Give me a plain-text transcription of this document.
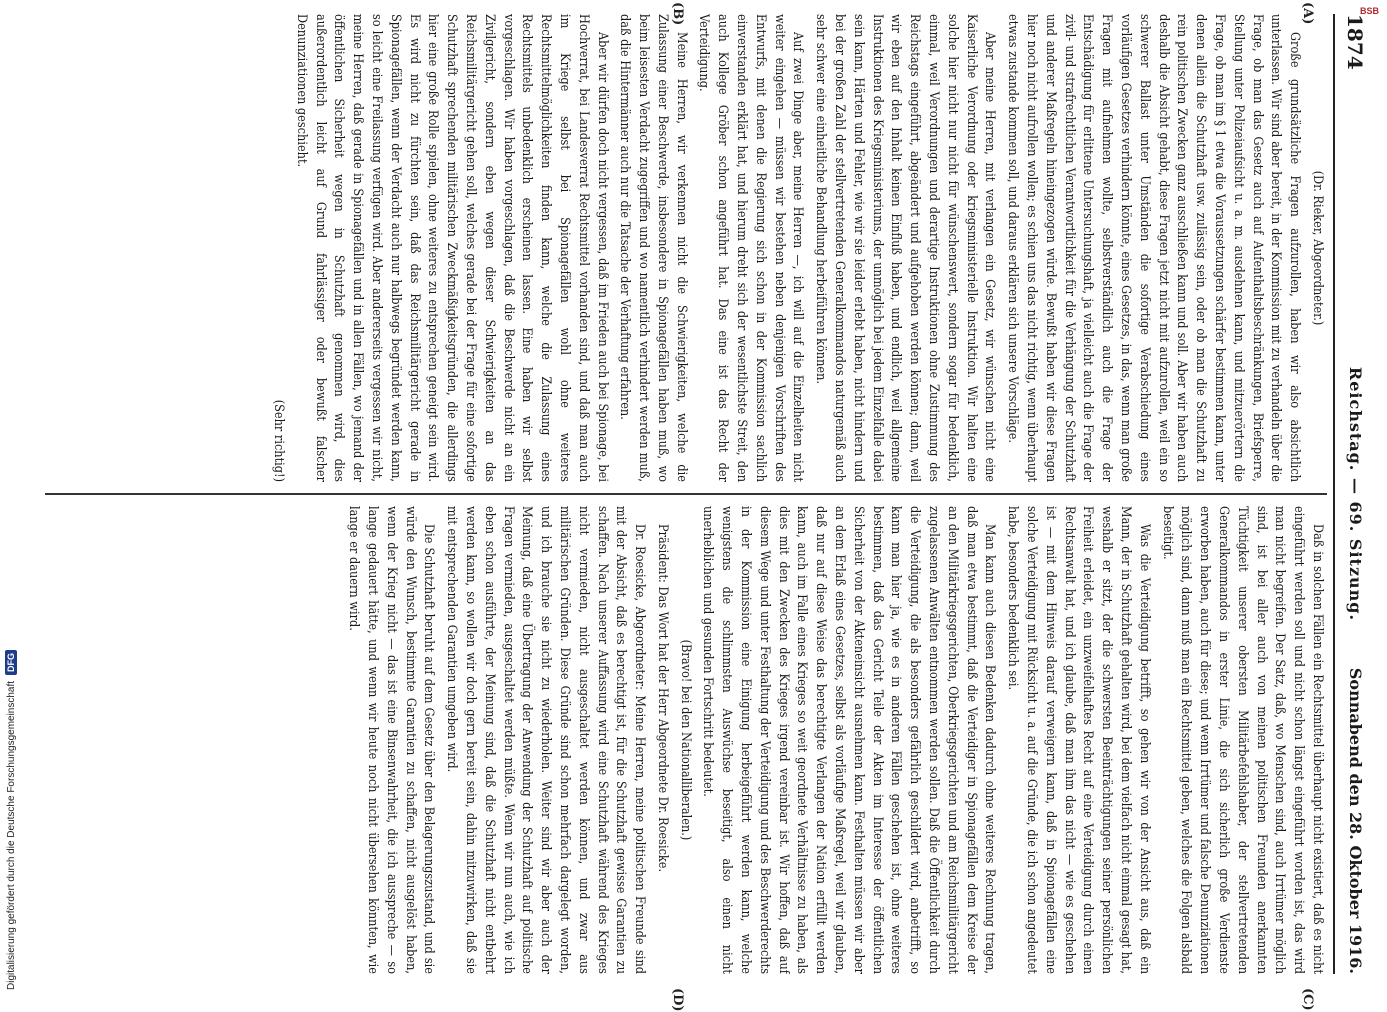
1874
Reichstag. — 69. Sitzung.
Sonnabend den 28. Oktober 1916.
(A)
(B)
(C)
(D)

(Dr. Rieker, Abgeordneter.)

Große grundsätzliche Fragen aufzurollen, haben wir also absichtlich unterlassen. Wir sind aber bereit, in der Kommission mit zu verhandeln über die Frage, ob man das Gesetz auch auf Aufenthaltsbeschränkungen, Briefsperre, Stellung unter Polizeiaufsicht u. a. m. ausdehnen kann, und mitzuerörtern die Frage, ob man im § 1 etwa die Voraussetzungen schärfer bestimmen kann, unter denen allein die Schutzhaft usw. zulässig sein, oder ob man die Schutzhaft zu rein politischen Zwecken ganz ausschließen kann und soll. Aber wir haben auch deshalb die Absicht gehabt, diese Fragen jetzt nicht mit aufzurollen, weil ein so schwerer Ballast unter Umständen die sofortige Verabschiedung eines vorläufigen Gesetzes verhindern könnte, eines Gesetzes, in das, wenn man große Fragen mit aufnehmen wollte, selbstverständlich auch die Frage der Entschädigung für erlittene Untersuchungshaft, ja vielleicht auch die Frage der zivil- und strafrechtlichen Verantwortlichkeit für die Verhängung der Schutzhaft und anderer Maßregeln hineingezogen würde. Bewußt haben wir diese Fragen hier noch nicht aufrollen wollen; es schien uns das nicht richtig, wenn überhaupt etwas zustande kommen soll, und daraus erklären sich unsere Vorschläge.

Aber meine Herren, mit verlangen ein Gesetz, wir wünschen nicht eine Kaiserliche Verordnung oder kriegsministerielle Instruktion. Wir halten eine solche hier nicht nur nicht für wünschenswert, sondern sogar für bedenklich, einmal, weil Verordnungen und derartige Instruktionen ohne Zustimmung des Reichstags eingeführt, abgeändert und aufgehoben werden können; dann, weil wir eben auf den Inhalt keinen Einfluß haben, und endlich, weil allgemeine Instruktionen des Kriegsministeriums, der unmöglich bei jedem Einzelfalle dabei sein kann, Härten und Fehler, wie wir sie leider erlebt haben, nicht hindern und bei der großen Zahl der stellvertretenden Generalkommandos naturgemäß auch sehr schwer eine einheitliche Behandlung herbeiführen können.

Auf zwei Dinge aber, meine Herren —, ich will auf die Einzelheiten nicht weiter eingehen — müssen wir bestehen neben denjenigen Vorschriften des Entwurfs, mit denen die Regierung sich schon in der Kommission sachlich einverstanden erklärt hat, und hierum dreht sich der wesentlichste Streit, den auch Kollege Gröber schon angeführt hat. Das eine ist das Recht der Verteidigung.

Meine Herren, wir verkennen nicht die Schwierigkeiten, welche die Zulassung einer Beschwerde, insbesondere in Spionagefällen haben muß, wo beim leisesten Verdacht zugegriffen und wo namentlich verhindert werden muß, daß die Hintermänner auch nur die Tatsache der Verhaftung erfahren.

Aber wir dürfen doch nicht vergessen, daß im Frieden auch bei Spionage, bei Hochverrat, bei Landesverrat Rechtsmittel vorhanden sind, und daß man auch im Kriege selbst bei Spionagefällen wohl ohne weiteres Rechtsmittelmöglichkeiten finden kann, welche die Zulassung eines Rechtsmittels unbedenklich erscheinen lassen. Eine haben wir selbst vorgeschlagen. Wir haben vorgeschlagen, daß die Beschwerde nicht an ein Zivilgericht, sondern eben wegen dieser Schwierigkeiten an das Reichsmilitärgericht gehen soll, welches gerade bei der Frage für eine sofortige Schutzhaft sprechenden militärischen Zweckmäßigkeitsgründen, die allerdings hier eine große Rolle spielen, ohne weiteres zu entsprechen geneigt sein wird. Es wird nicht zu fürchten sein, daß das Reichsmilitärgericht gerade in Spionagefällen, wenn der Verdacht auch nur halbwegs begründet werden kann, so leicht eine Freilassung verfügen wird. Aber andererseits vergessen wir nicht, meine Herren, daß gerade in Spionagefällen und in allen Fällen, wo jemand der öffentlichen Sicherheit wegen in Schutzhaft genommen wird, dies außerordentlich leicht auf Grund fahrlässiger oder bewußt falscher Denunziationen geschieht.

(Sehr richtig!)

Daß in solchen Fällen ein Rechtsmittel überhaupt nicht existiert, daß es nicht eingeführt werden soll und nicht schon längst eingeführt worden ist, das wird man nicht begreifen. Der Satz, daß, wo Menschen sind, auch Irrtümer möglich sind, ist bei aller auch von meinen politischen Freunden anerkannten Tüchtigkeit unserer obersten Militärbefehlshaber, der stellvertretenden Generalkommandos in erster Linie, die sich sicherlich große Verdienste erworben haben, auch für diese; und wenn Irrtümer und falsche Denunziationen möglich sind, dann muß man ein Rechtsmittel geben, welches die Folgen alsbald beseitigt.

Was die Verteidigung betrifft, so gehen wir von der Ansicht aus, daß ein Mann, der in Schutzhaft gehalten wird, bei dem vielfach nicht einmal gesagt hat, weshalb er sitzt, der die schwersten Beeinträchtigungen seiner persönlichen Freiheit erleidet, ein unzweifelhaftes Recht auf eine Verteidigung durch einen Rechtsanwalt hat, und ich glaube, daß man ihm das nicht — wie es geschehen ist — mit dem Hinweis darauf verweigern kann, daß in Spionagefällen eine solche Verteidigung mit Rücksicht u. a. auf die Gründe, die ich schon angedeutet habe, besonders bedenklich sei.

Man kann auch diesen Bedenken dadurch ohne weiteres Rechnung tragen, daß man etwa bestimmt, daß die Verteidiger in Spionagefällen dem Kreise der an den Militärkriegsgerichten, Oberkriegsgerichten und am Reichsmilitärgericht zugelassenen Anwälten entnommen werden sollen. Daß die Öffentlichkeit durch die Verteidigung, die als besonders gefährlich geschildert wird, anbetrifft, so kann man hier ja, wie es in anderen Fällen geschehen ist, ohne weiteres bestimmen, daß das Gericht Teile der Akten im Interesse der öffentlichen Sicherheit von der Akteneinsicht ausnehmen kann. Festhalten müssen wir aber an dem Erlaß eines Gesetzes, selbst als vorläufige Maßregel, weil wir glauben, daß nur auf diese Weise das berechtigte Verlangen der Nation erfüllt werden kann, auch im Falle eines Krieges so weit geordnete Verhältnisse zu haben, als dies mit den Zwecken des Krieges irgend vereinbar ist. Wir hoffen, daß auf diesem Wege und unter Festhaltung der Verteidigung und des Beschwerderechts in der Kommission eine Einigung herbeigeführt werden kann, welche wenigstens die schlimmsten Auswüchse beseitigt, also einen nicht unerheblichen und gesunden Fortschritt bedeutet.

(Bravo! bei den Nationalliberalen.)

Präsident: Das Wort hat der Herr Abgeordnete Dr. Roesicke.

Dr. Roesicke, Abgeordneter: Meine Herren, meine politischen Freunde sind mit der Absicht, daß es berechtigt ist, für die Schutzhaft gewisse Garantien zu schaffen. Nach unserer Auffassung wird eine Schutzhaft während des Krieges nicht vermieden, nicht ausgeschaltet werden können, und zwar aus militärischen Gründen. Diese Gründe sind schon mehrfach dargelegt worden, und ich brauche sie nicht zu wiederholen. Weiter sind wir aber auch der Meinung, daß eine Übertragung der Anwendung der Schutzhaft auf politische Fragen vermieden, ausgeschaltet werden müßte. Wenn wir nun auch, wie ich eben schon ausführte, der Meinung sind, daß die Schutzhaft nicht entbehrt werden kann, so wollen wir doch gern bereit sein, dahin mitzuwirken, daß sie mit entsprechenden Garantien umgeben wird.

Die Schutzhaft beruht auf dem Gesetz über den Belagerungszustand, und sie würde den Wunsch, bestimmte Garantien zu schaffen, nicht ausgelöst haben, wenn der Krieg nicht — das ist eine Binsenwahrheit, die ich ausspreche — so lange gedauert hätte, und wenn wir heute noch nicht übersehen könnten, wie lange er dauern wird.

Digitalisierung gefördert durch die Deutsche Forschungsgemeinschaft
DFG
BSB
